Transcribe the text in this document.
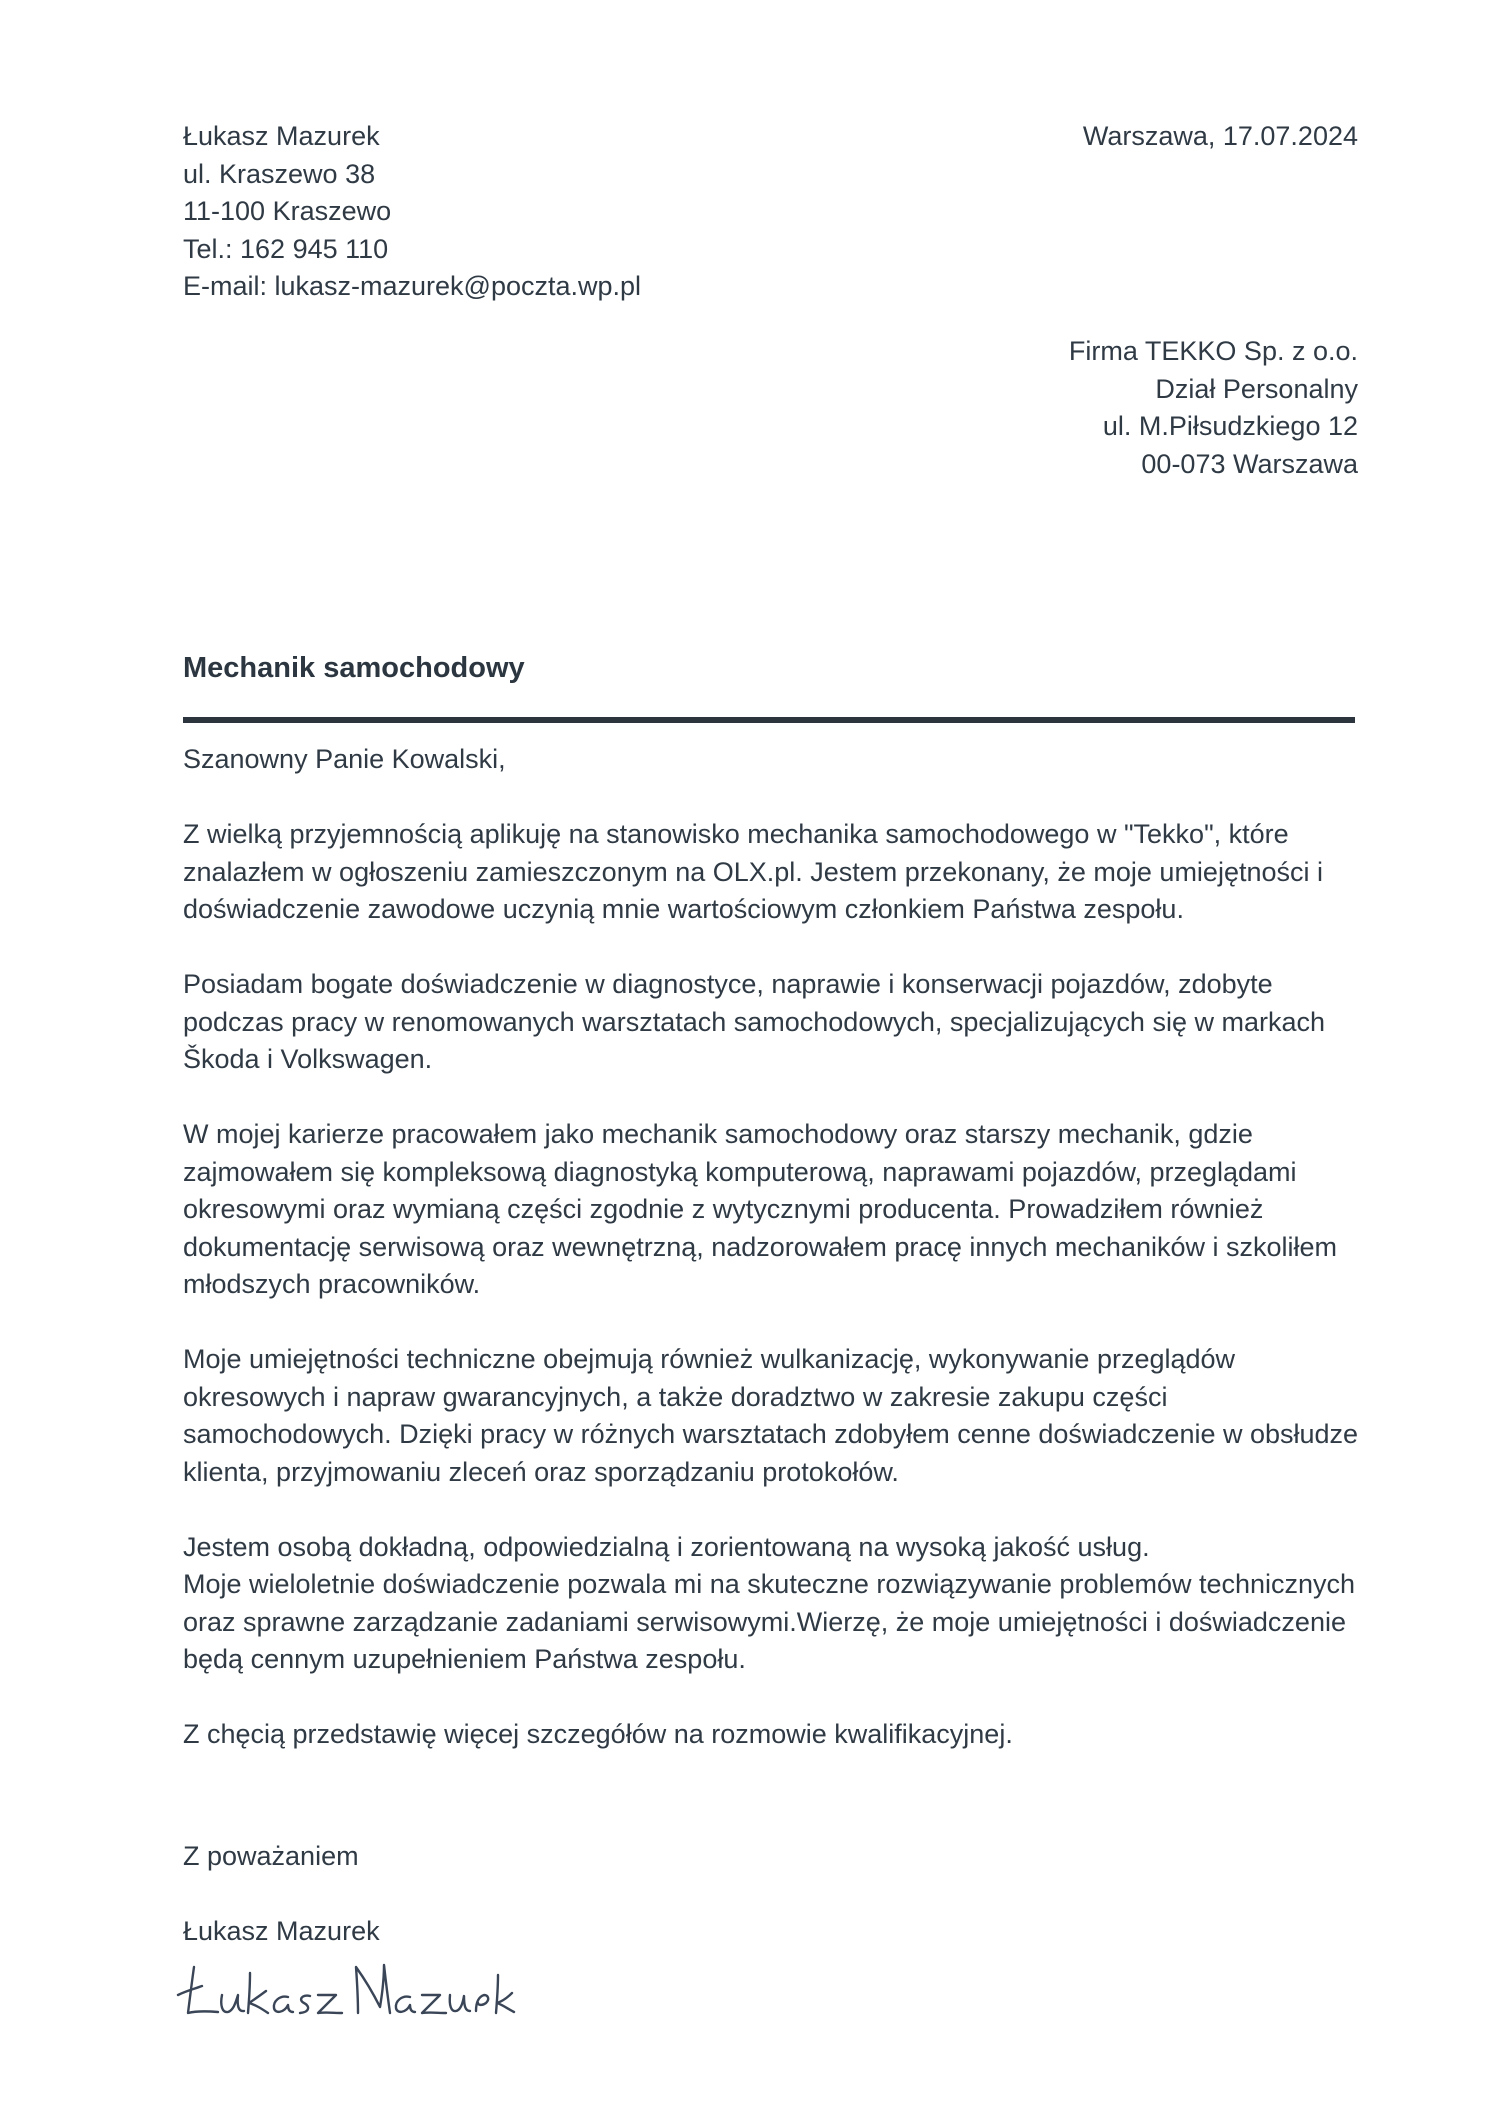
Łukasz Mazurek
ul. Kraszewo 38
11-100 Kraszewo
Tel.: 162 945 110
E-mail: lukasz-mazurek@poczta.wp.pl
Warszawa, 17.07.2024
Firma TEKKO Sp. z o.o.
Dział Personalny
ul. M.Piłsudzkiego 12
00-073 Warszawa
Mechanik samochodowy

Szanowny Panie Kowalski,

Z wielką przyjemnością aplikuję na stanowisko mechanika samochodowego w "Tekko", które znalazłem w ogłoszeniu zamieszczonym na OLX.pl. Jestem przekonany, że moje umiejętności i doświadczenie zawodowe uczynią mnie wartościowym członkiem Państwa zespołu.

Posiadam bogate doświadczenie w diagnostyce, naprawie i konserwacji pojazdów, zdobyte podczas pracy w renomowanych warsztatach samochodowych, specjalizujących się w markach Škoda i Volkswagen.

W mojej karierze pracowałem jako mechanik samochodowy oraz starszy mechanik, gdzie zajmowałem się kompleksową diagnostyką komputerową, naprawami pojazdów, przeglądami okresowymi oraz wymianą części zgodnie z wytycznymi producenta. Prowadziłem również dokumentację serwisową oraz wewnętrzną, nadzorowałem pracę innych mechaników i szkoliłem młodszych pracowników.

Moje umiejętności techniczne obejmują również wulkanizację, wykonywanie przeglądów okresowych i napraw gwarancyjnych, a także doradztwo w zakresie zakupu części samochodowych. Dzięki pracy w różnych warsztatach zdobyłem cenne doświadczenie w obsłudze klienta, przyjmowaniu zleceń oraz sporządzaniu protokołów.

Jestem osobą dokładną, odpowiedzialną i zorientowaną na wysoką jakość usług.

Moje wieloletnie doświadczenie pozwala mi na skuteczne rozwiązywanie problemów technicznych oraz sprawne zarządzanie zadaniami serwisowymi.Wierzę, że moje umiejętności i doświadczenie będą cennym uzupełnieniem Państwa zespołu.

Z chęcią przedstawię więcej szczegółów na rozmowie kwalifikacyjnej.

Z poważaniem
Łukasz Mazurek
